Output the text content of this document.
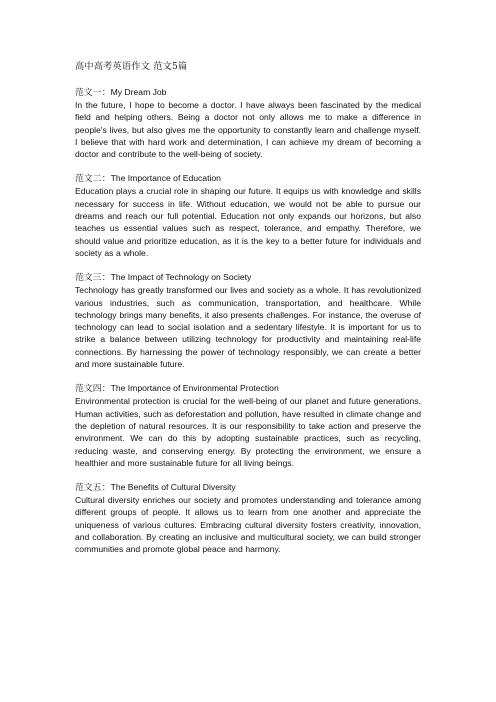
高中高考英语作文 范文5篇

范文一：My Dream Job

In the future, I hope to become a doctor. I have always been fascinated by the medical field and helping others. Being a doctor not only allows me to make a difference in people's lives, but also gives me the opportunity to constantly learn and challenge myself. I believe that with hard work and determination, I can achieve my dream of becoming a doctor and contribute to the well-being of society.

范文二：The Importance of Education

Education plays a crucial role in shaping our future. It equips us with knowledge and skills necessary for success in life. Without education, we would not be able to pursue our dreams and reach our full potential. Education not only expands our horizons, but also teaches us essential values such as respect, tolerance, and empathy. Therefore, we should value and prioritize education, as it is the key to a better future for individuals and society as a whole.

范文三：The Impact of Technology on Society

Technology has greatly transformed our lives and society as a whole. It has revolutionized various industries, such as communication, transportation, and healthcare. While technology brings many benefits, it also presents challenges. For instance, the overuse of technology can lead to social isolation and a sedentary lifestyle. It is important for us to strike a balance between utilizing technology for productivity and maintaining real-life connections. By harnessing the power of technology responsibly, we can create a better and more sustainable future.

范文四：The Importance of Environmental Protection

Environmental protection is crucial for the well-being of our planet and future generations. Human activities, such as deforestation and pollution, have resulted in climate change and the depletion of natural resources. It is our responsibility to take action and preserve the environment. We can do this by adopting sustainable practices, such as recycling, reducing waste, and conserving energy. By protecting the environment, we ensure a healthier and more sustainable future for all living beings.

范文五：The Benefits of Cultural Diversity

Cultural diversity enriches our society and promotes understanding and tolerance among different groups of people. It allows us to learn from one another and appreciate the uniqueness of various cultures. Embracing cultural diversity fosters creativity, innovation, and collaboration. By creating an inclusive and multicultural society, we can build stronger communities and promote global peace and harmony.
